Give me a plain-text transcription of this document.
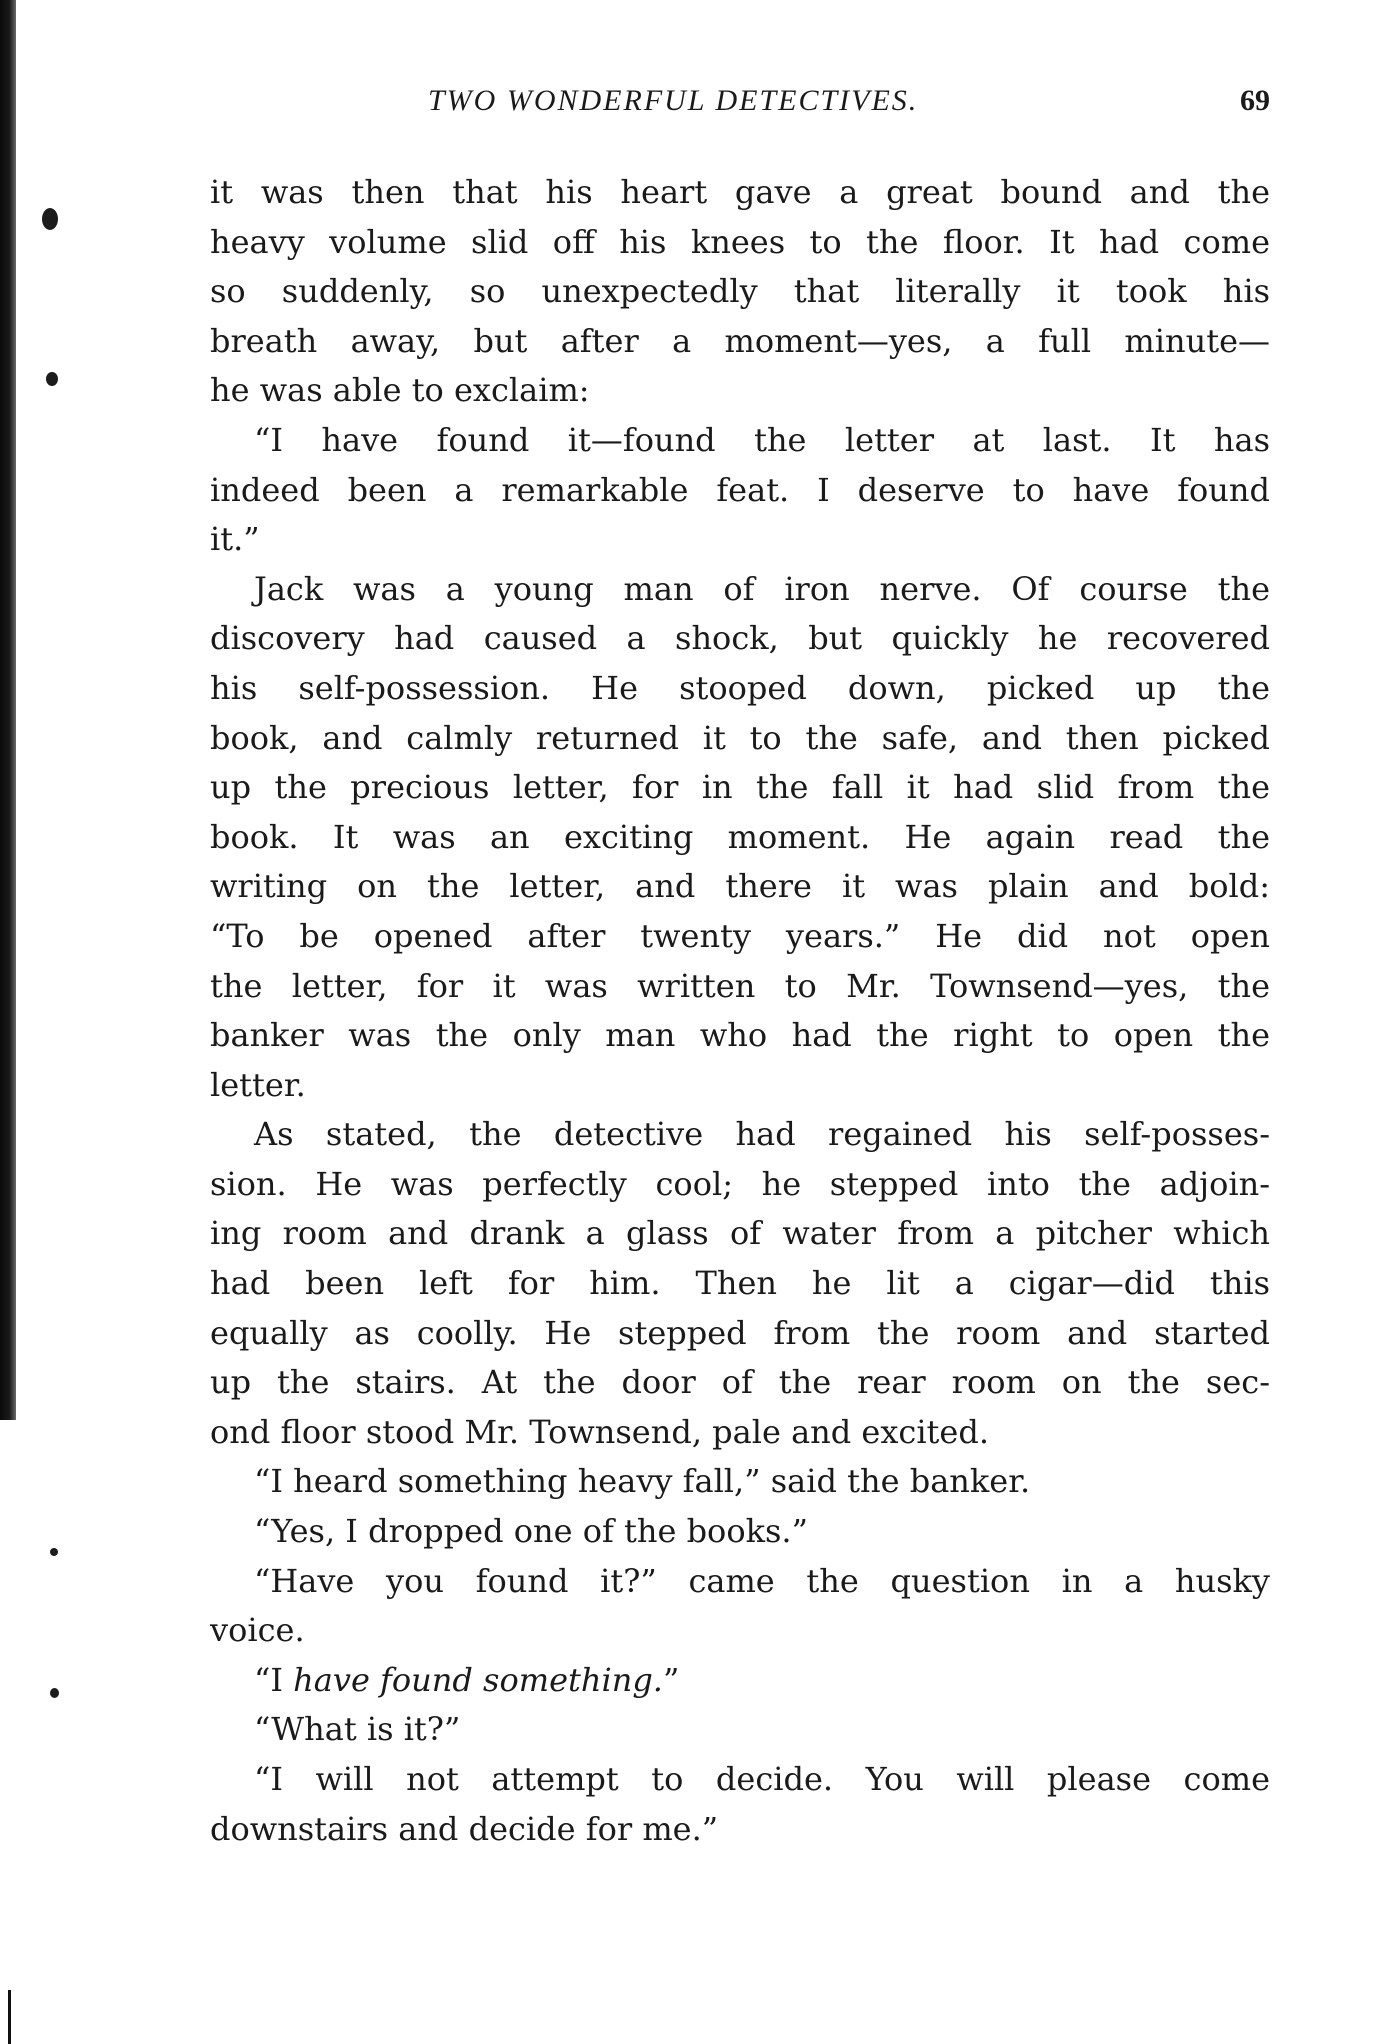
TWO WONDERFUL DETECTIVES.	69
it was then that his heart gave a great bound and the
heavy volume slid off his knees to the floor. It had come
so suddenly, so unexpectedly that literally it took his
breath away, but after a moment—yes, a full minute—
he was able to exclaim:
“I have found it—found the letter at last. It has
indeed been a remarkable feat. I deserve to have found
it.”
Jack was a young man of iron nerve. Of course the
discovery had caused a shock, but quickly he recovered
his self-possession. He stooped down, picked up the
book, and calmly returned it to the safe, and then picked
up the precious letter, for in the fall it had slid from the
book. It was an exciting moment. He again read the
writing on the letter, and there it was plain and bold:
“To be opened after twenty years.” He did not open
the letter, for it was written to Mr. Townsend—yes, the
banker was the only man who had the right to open the
letter.
As stated, the detective had regained his self-posses-
sion. He was perfectly cool; he stepped into the adjoin-
ing room and drank a glass of water from a pitcher which
had been left for him. Then he lit a cigar—did this
equally as coolly. He stepped from the room and started
up the stairs. At the door of the rear room on the sec-
ond floor stood Mr. Townsend, pale and excited.
“I heard something heavy fall,” said the banker.
“Yes, I dropped one of the books.”
“Have you found it?” came the question in a husky
voice.
“I have found something.”
“What is it?”
“I will not attempt to decide. You will please come
downstairs and decide for me.”
